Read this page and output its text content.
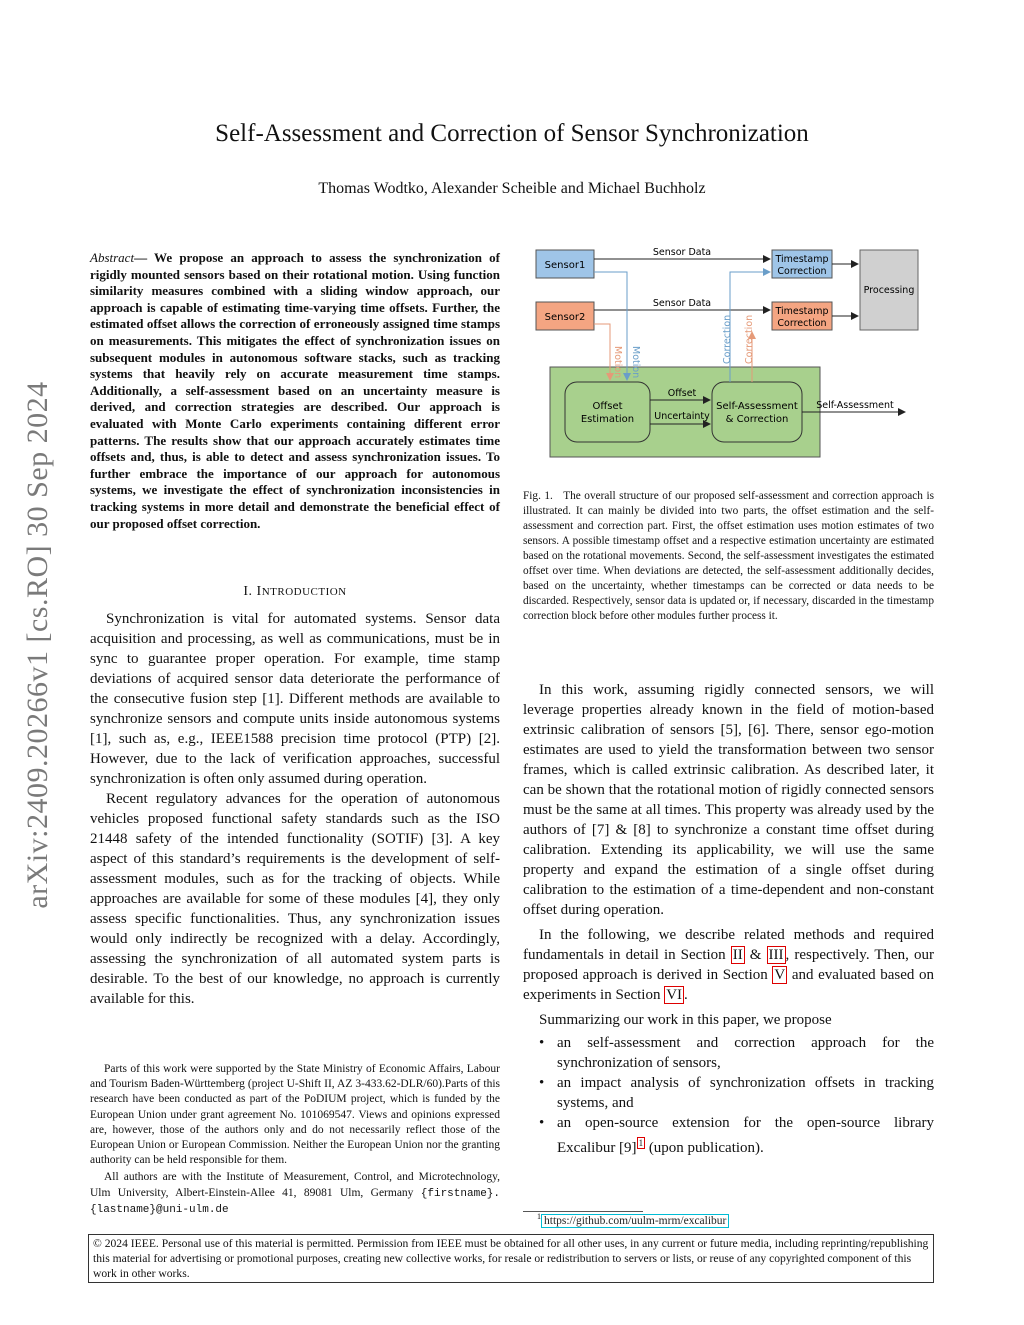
Self-Assessment and Correction of Sensor Synchronization
Thomas Wodtko, Alexander Scheible and Michael Buchholz
arXiv:2409.20266v1 [cs.RO] 30 Sep 2024
Abstract— We propose an approach to assess the synchronization of rigidly mounted sensors based on their rotational motion. Using function similarity measures combined with a sliding window approach, our approach is capable of estimating time-varying time offsets. Further, the estimated offset allows the correction of erroneously assigned time stamps on measurements. This mitigates the effect of synchronization issues on subsequent modules in autonomous software stacks, such as tracking systems that heavily rely on accurate measurement time stamps. Additionally, a self-assessment based on an uncertainty measure is derived, and correction strategies are described. Our approach is evaluated with Monte Carlo experiments containing different error patterns. The results show that our approach accurately estimates time offsets and, thus, is able to detect and assess synchronization issues. To further embrace the importance of our approach for autonomous systems, we investigate the effect of synchronization inconsistencies in tracking systems in more detail and demonstrate the beneficial effect of our proposed offset correction.
I. INTRODUCTION

Synchronization is vital for automated systems. Sensor data acquisition and processing, as well as communications, must be in sync to guarantee proper operation. For example, time stamp deviations of acquired sensor data deteriorate the performance of the consecutive fusion step [1]. Different methods are available to synchronize sensors and compute units inside autonomous systems [1], such as, e.g., IEEE1588 precision time protocol (PTP) [2]. However, due to the lack of verification approaches, successful synchronization is often only assumed during operation.

Recent regulatory advances for the operation of autonomous vehicles proposed functional safety standards such as the ISO 21448 safety of the intended functionality (SOTIF) [3]. A key aspect of this standard’s requirements is the development of self-assessment modules, such as for the tracking of objects. While approaches are available for some of these modules [4], they only assess specific functionalities. Thus, any synchronization issues would only indirectly be recognized with a delay. Accordingly, assessing the synchronization of all automated system parts is desirable. To the best of our knowledge, no approach is currently available for this.

Parts of this work were supported by the State Ministry of Economic Affairs, Labour and Tourism Baden-Württemberg (project U-Shift II, AZ 3-433.62-DLR/60).Parts of this research have been conducted as part of the PoDIUM project, which is funded by the European Union under grant agreement No. 101069547. Views and opinions expressed are, however, those of the authors only and do not necessarily reflect those of the European Union or European Commission. Neither the European Union nor the granting authority can be held responsible for them.

All authors are with the Institute of Measurement, Control, and Microtechnology, Ulm University, Albert-Einstein-Allee 41, 89081 Ulm, Germany {firstname}.{lastname}@uni-ulm.de

Offset
Estimation
Self-Assessment
& Correction
Offset
Uncertainty
Self-Assessment
Sensor1
Sensor2
Timestamp
Correction
Timestamp
Correction
Processing
Sensor Data
Sensor Data
Motion
Motion	Correction Correction
Fig. 1. The overall structure of our proposed self-assessment and correction approach is illustrated. It can mainly be divided into two parts, the offset estimation and the self-assessment and correction part. First, the offset estimation uses motion estimates of two sensors. A possible timestamp offset and a respective estimation uncertainty are estimated based on the rotational movements. Second, the self-assessment investigates the estimated offset over time. When deviations are detected, the self-assessment additionally decides, based on the uncertainty, whether timestamps can be corrected or data needs to be discarded. Respectively, sensor data is updated or, if necessary, discarded in the timestamp correction block before other modules further process it.

In this work, assuming rigidly connected sensors, we will leverage properties already known in the field of motion-based extrinsic calibration of sensors [5], [6]. There, sensor ego-motion estimates are used to yield the transformation between two sensor frames, which is called extrinsic calibration. As described later, it can be shown that the rotational motion of rigidly connected sensors must be the same at all times. This property was already used by the authors of [7] & [8] to synchronize a constant time offset during calibration. Extending its applicability, we will use the same property and expand the estimation of a single offset during calibration to the estimation of a time-dependent and non-constant offset during operation.

In the following, we describe related methods and required fundamentals in detail in Section II & III , respectively. Then, our proposed approach is derived in Section V and evaluated based on experiments in Section VI .

Summarizing our work in this paper, we propose

• an self-assessment and correction approach for the synchronization of sensors,
• an impact analysis of synchronization offsets in tracking systems, and
• an open-source extension for the open-source library Excalibur [9] $^1$ (upon publication).
$^1$ https://github.com/uulm-mrm/excalibur
© 2024 IEEE. Personal use of this material is permitted. Permission from IEEE must be obtained for all other uses, in any current or future media, including reprinting/republishing this material for advertising or promotional purposes, creating new collective works, for resale or redistribution to servers or lists, or reuse of any copyrighted component of this work in other works.
